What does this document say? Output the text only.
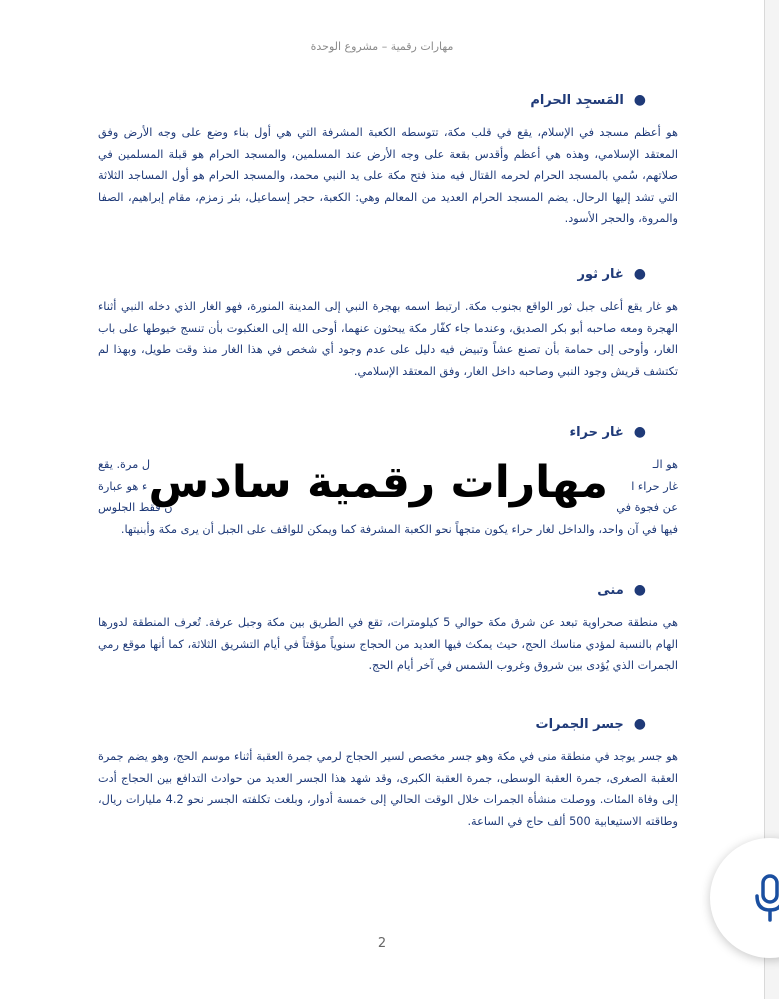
مهارات رقمية – مشروع الوحدة
●
المَسجِد الحرام
هو أعظم مسجد في الإسلام، يقع في قلب مكة، تتوسطه الكعبة المشرفة التي هي أول بناء وضع على وجه الأرض وفق المعتقد الإسلامي، وهذه هي أعظم وأقدس بقعة على وجه الأرض عند المسلمين، والمسجد الحرام هو قبلة المسلمين في صلاتهم، سُمي بالمسجد الحرام لحرمه القتال فيه منذ فتح مكة على يد النبي محمد، والمسجد الحرام هو أول المساجد الثلاثة التي تشد إليها الرحال. يضم المسجد الحرام العديد من المعالم وهي: الكعبة، حجر إسماعيل، بئر زمزم، مقام إبراهيم، الصفا والمروة، والحجر الأسود.
●
غار ثور
هو غار يقع أعلى جبل ثور الواقع بجنوب مكة. ارتبط اسمه بهجرة النبي إلى المدينة المنورة، فهو الغار الذي دخله النبي أثناء الهجرة ومعه صاحبه أبو بكر الصديق، وعندما جاء كفّار مكة يبحثون عنهما، أوحى الله إلى العنكبوت بأن تنسج خيوطها على باب الغار، وأوحى إلى حمامة بأن تصنع عشاً وتبيض فيه دليل على عدم وجود أي شخص في هذا الغار منذ وقت طويل، وبهذا لم تكتشف قريش وجود النبي وصاحبه داخل الغار، وفق المعتقد الإسلامي.
●
غار حراء
هو الـ
ل مرة. يقع
غار حراء ا
ء هو عبارة
عن فجوة في
ن فقط الجلوس
فيها في آن واحد، والداخل لغار حراء يكون متجهاً نحو الكعبة المشرفة كما ويمكن للواقف على الجبل أن يرى مكة وأبنيتها.
●
منى
هي منطقة صحراوية تبعد عن شرق مكة حوالي 5 كيلومترات، تقع في الطريق بين مكة وجبل عرفة. تُعرف المنطقة لدورها الهام بالنسبة لمؤدي مناسك الحج، حيث يمكث فيها العديد من الحجاج سنوياً مؤقتاً في أيام التشريق الثلاثة، كما أنها موقع رمي الجمرات الذي يُؤدى بين شروق وغروب الشمس في آخر أيام الحج.
●
جسر الجمرات
هو جسر يوجد في منطقة منى في مكة وهو جسر مخصص لسير الحجاج لرمي جمرة العقبة أثناء موسم الحج، وهو يضم جمرة العقبة الصغرى، جمرة العقبة الوسطى، جمرة العقبة الكبرى، وقد شهد هذا الجسر العديد من حوادث التدافع بين الحجاج أدت إلى وفاة المئات. ووصلت منشأة الجمرات خلال الوقت الحالي إلى خمسة أدوار، وبلغت تكلفته الجسر نحو 4.2 مليارات ريال، وطاقته الاستيعابية 500 ألف حاج في الساعة.
مهارات رقمية سادس
2
